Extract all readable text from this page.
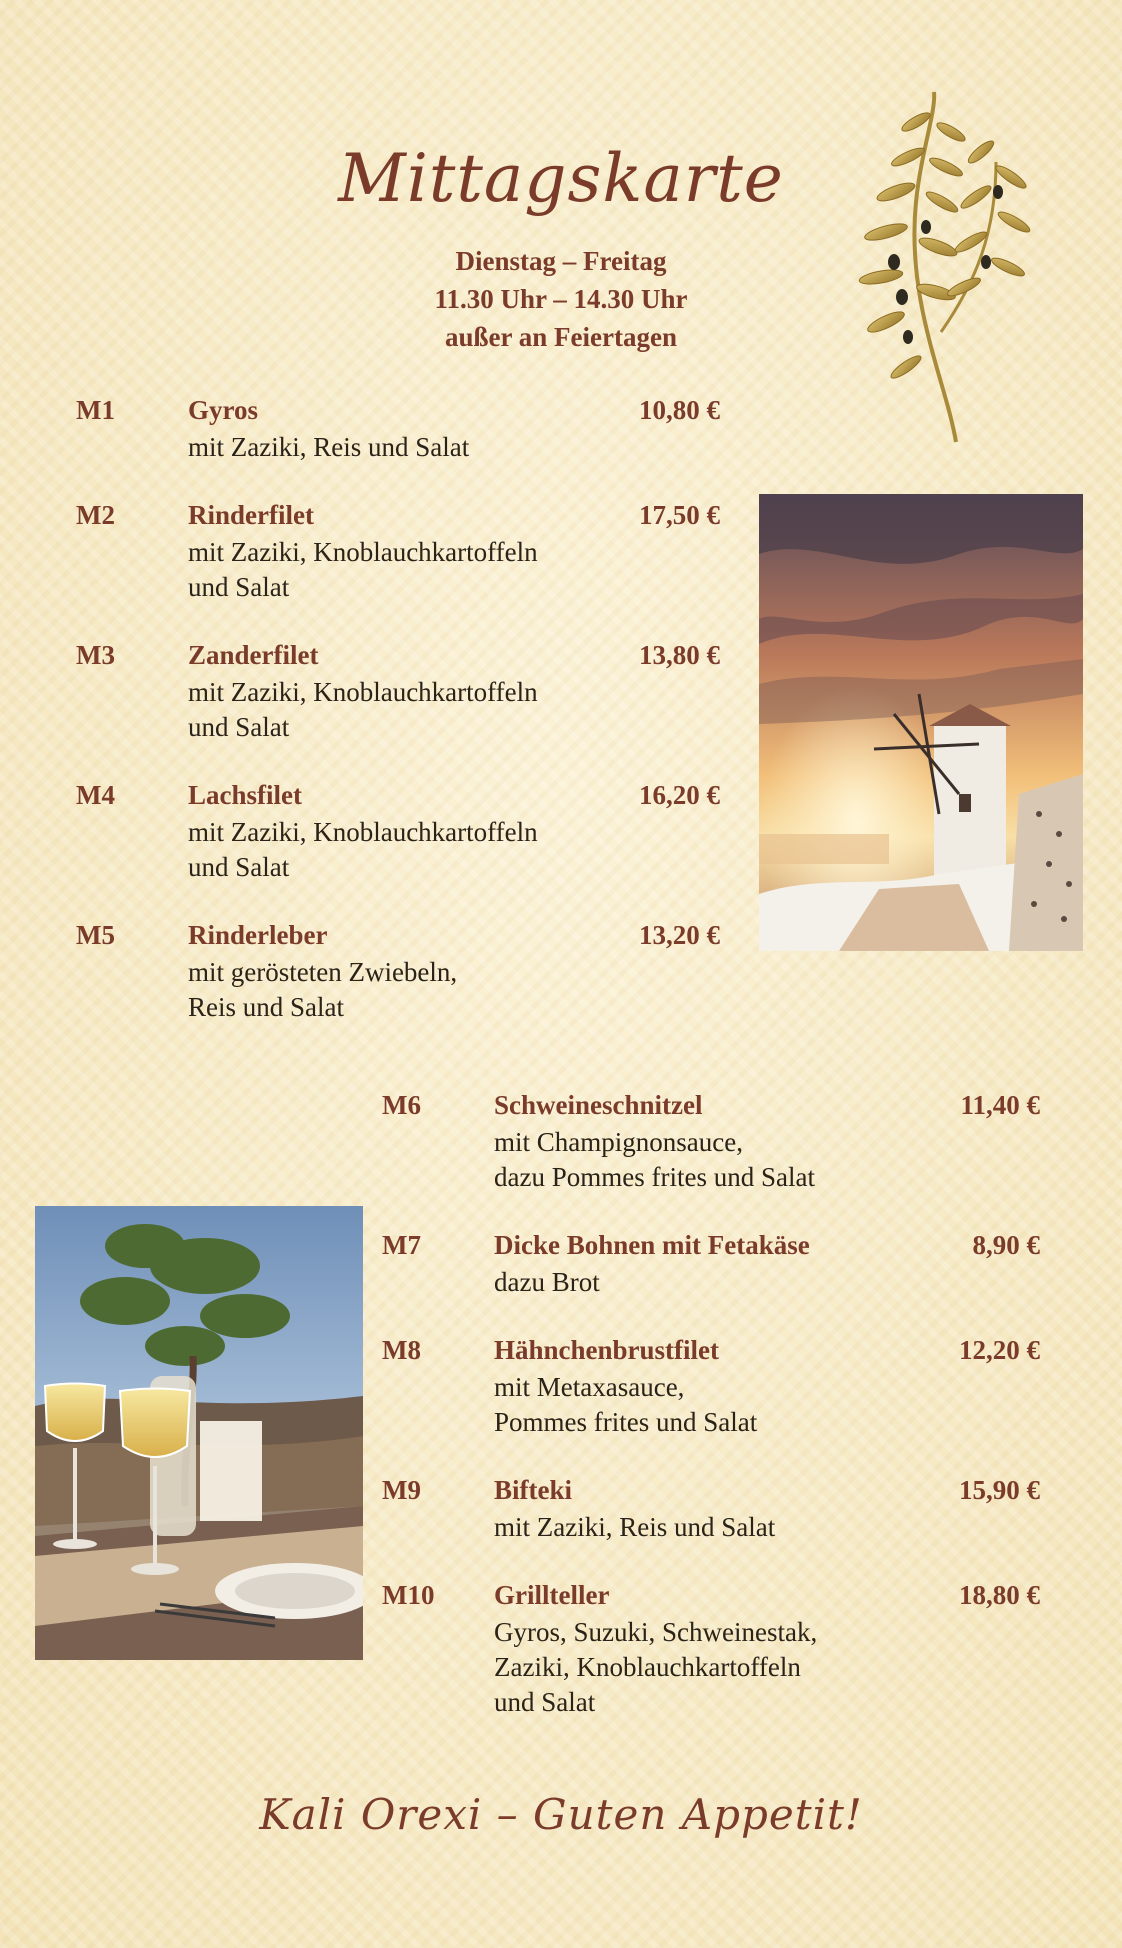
Mittagskarte
Dienstag – Freitag
11.30 Uhr – 14.30 Uhr
außer an Feiertagen
M1	Gyros	10,80 €
mit Zaziki, Reis und Salat
M2	Rinderfilet	17,50 €
mit Zaziki, Knoblauchkartoffeln
und Salat
M3	Zanderfilet	13,80 €
mit Zaziki, Knoblauchkartoffeln
und Salat
M4	Lachsfilet	16,20 €
mit Zaziki, Knoblauchkartoffeln
und Salat
M5	Rinderleber	13,20 €
mit gerösteten Zwiebeln,
Reis und Salat
M6	Schweineschnitzel	11,40 €
mit Champignonsauce,
dazu Pommes frites und Salat
M7	Dicke Bohnen mit Fetakäse	8,90 €
dazu Brot
M8	Hähnchenbrustfilet	12,20 €
mit Metaxasauce,
Pommes frites und Salat
M9	Bifteki	15,90 €
mit Zaziki, Reis und Salat
M10 Grillteller	18,80 €
Gyros, Suzuki, Schweinestak,
Zaziki, Knoblauchkartoffeln
und Salat
Kali Orexi – Guten Appetit!
